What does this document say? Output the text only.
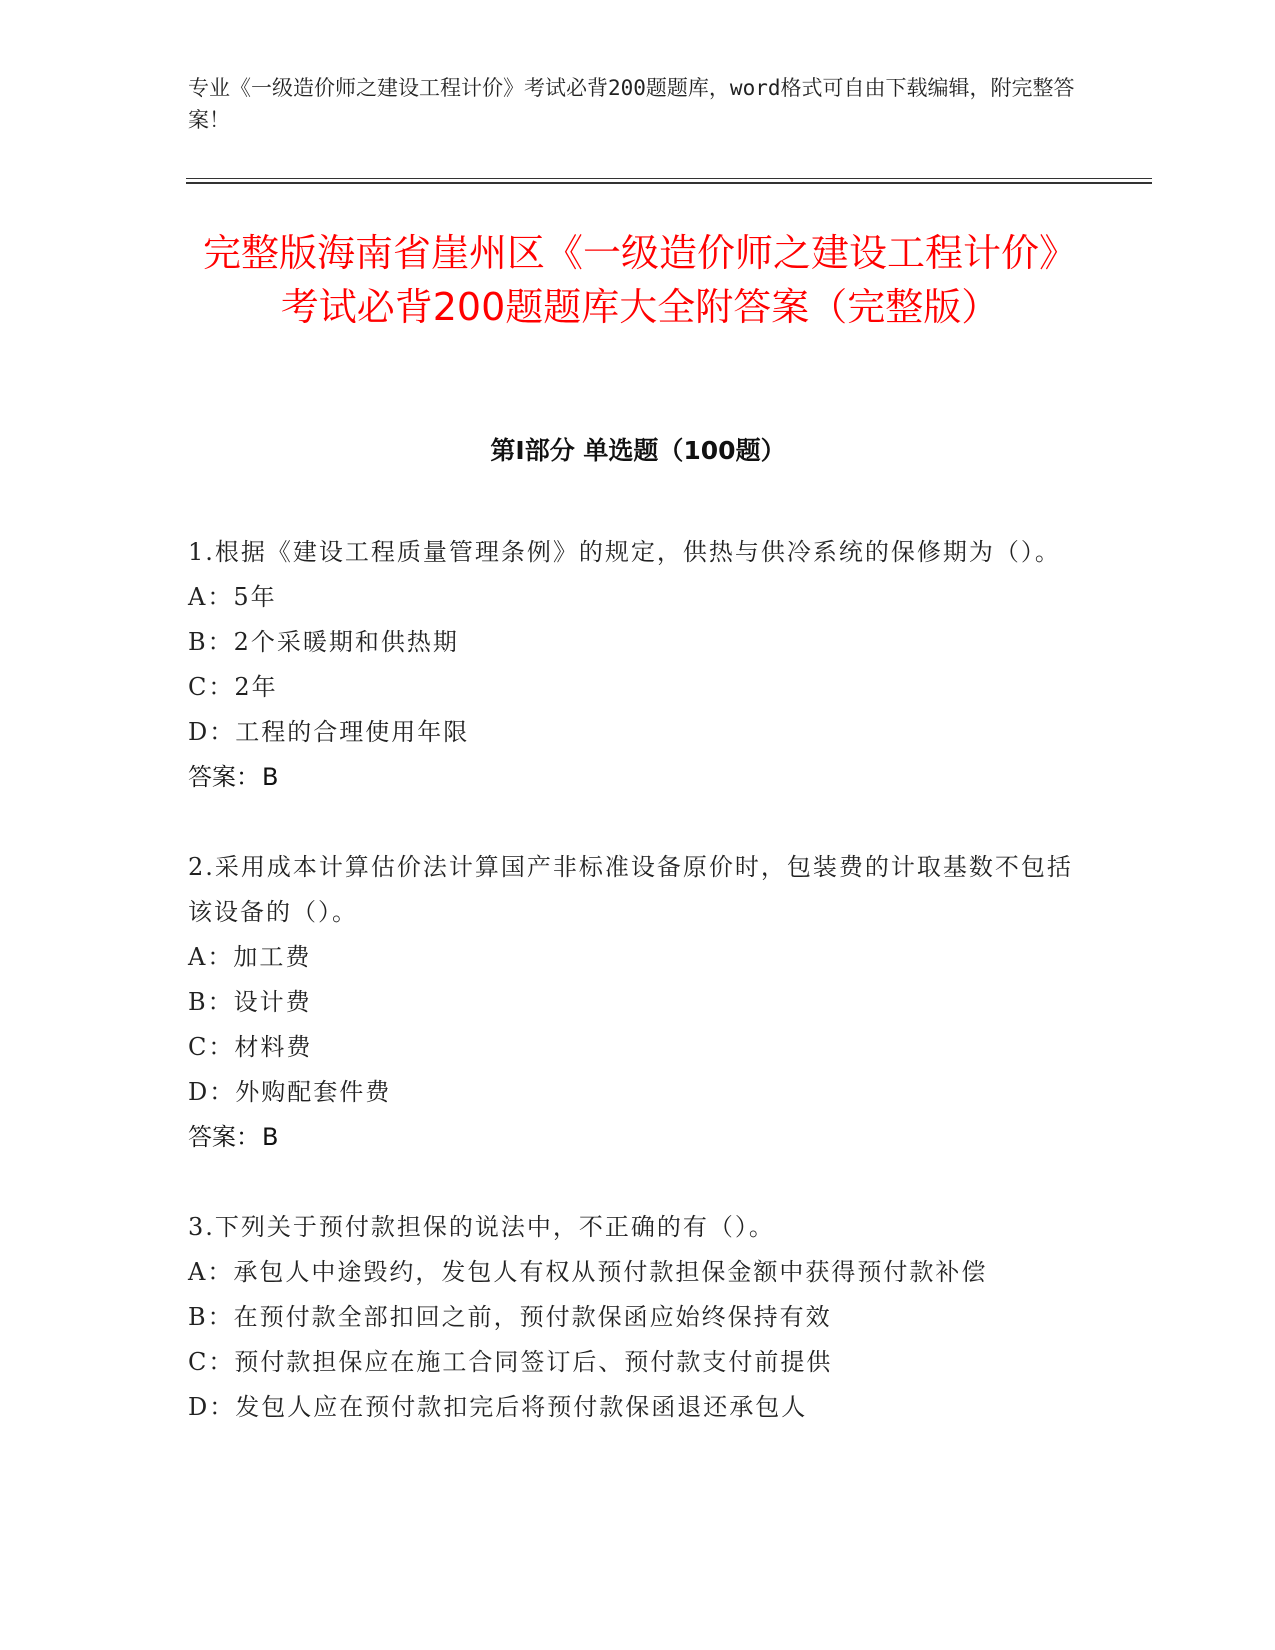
专业《一级造价师之建设工程计价》考试必背200题题库，word格式可自由下载编辑，附完整答案！
完整版海南省崖州区《一级造价师之建设工程计价》考试必背200题题库大全附答案（完整版）
第Ⅰ部分 单选题（100题）
1.根据《建设工程质量管理条例》的规定，供热与供冷系统的保修期为（）。
A：5年
B：2个采暖期和供热期
C：2年
D：工程的合理使用年限
答案：B
2.采用成本计算估价法计算国产非标准设备原价时，包装费的计取基数不包括该设备的（）。
A：加工费
B：设计费
C：材料费
D：外购配套件费
答案：B
3.下列关于预付款担保的说法中，不正确的有（）。
A：承包人中途毁约，发包人有权从预付款担保金额中获得预付款补偿
B：在预付款全部扣回之前，预付款保函应始终保持有效
C：预付款担保应在施工合同签订后、预付款支付前提供
D：发包人应在预付款扣完后将预付款保函退还承包人
